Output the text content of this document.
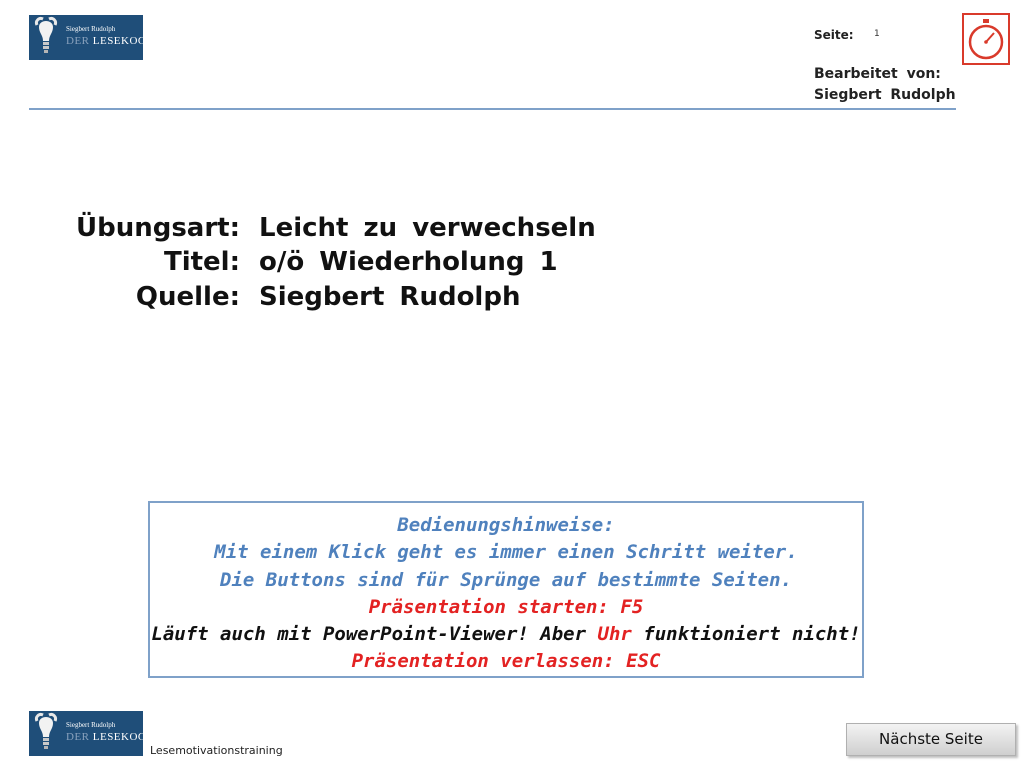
Siegbert Rudolph
DER LESEKOCH	Seite: 1
Bearbeitet von:
Siegbert Rudolph
Übungsart: Leicht zu verwechseln
Titel: o/ö Wiederholung 1
Quelle: Siegbert Rudolph
Bedienungshinweise:
Mit einem Klick geht es immer einen Schritt weiter.
Die Buttons sind für Sprünge auf bestimmte Seiten.
Präsentation starten: F5
Läuft auch mit PowerPoint-Viewer! Aber Uhr funktioniert nicht!
Präsentation verlassen: ESC
Siegbert Rudolph
DER LESEKOCH
Lesemotivationstraining
Nächste Seite
